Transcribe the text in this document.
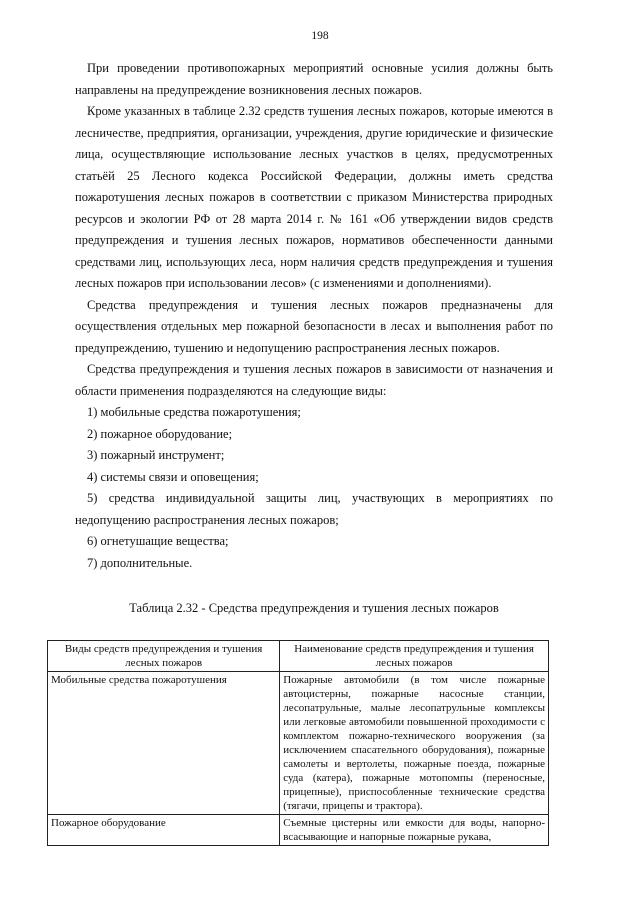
198

При проведении противопожарных мероприятий основные усилия должны быть направлены на предупреждение возникновения лесных пожаров.

Кроме указанных в таблице 2.32 средств тушения лесных пожаров, которые имеются в лесничестве, предприятия, организации, учреждения, другие юридические и физические лица, осуществляющие использование лесных участков в целях, предусмотренных статьёй 25 Лесного кодекса Российской Федерации, должны иметь средства пожаротушения лесных пожаров в соответствии с приказом Министерства природных ресурсов и экологии РФ от 28 марта 2014 г. № 161 «Об утверждении видов средств предупреждения и тушения лесных пожаров, нормативов обеспеченности данными средствами лиц, использующих леса, норм наличия средств предупреждения и тушения лесных пожаров при использовании лесов» (с изменениями и дополнениями).

Средства предупреждения и тушения лесных пожаров предназначены для осуществления отдельных мер пожарной безопасности в лесах и выполнения работ по предупреждению, тушению и недопущению распространения лесных пожаров.

Средства предупреждения и тушения лесных пожаров в зависимости от назначения и области применения подразделяются на следующие виды:

1) мобильные средства пожаротушения;

2) пожарное оборудование;

3) пожарный инструмент;

4) системы связи и оповещения;

5) средства индивидуальной защиты лиц, участвующих в мероприятиях по недопущению распространения лесных пожаров;

6) огнетушащие вещества;

7) дополнительные.

Таблица 2.32 - Средства предупреждения и тушения лесных пожаров
Виды средств предупреждения и тушения лесных пожаров	Наименование средств предупреждения и тушения лесных пожаров
Мобильные средства пожаротушения	Пожарные автомобили (в том числе пожарные автоцистерны, пожарные насосные станции, лесопатрульные, малые лесопатрульные комплексы или легковые автомобили повышенной проходимости с комплектом пожарно-технического вооружения (за исключением спасательного оборудования), пожарные самолеты и вертолеты, пожарные поезда, пожарные суда (катера), пожарные мотопомпы (переносные, прицепные), приспособленные технические средства (тягачи, прицепы и трактора).
Пожарное оборудование	Съемные цистерны или емкости для воды, напорно-всасывающие и напорные пожарные рукава,
